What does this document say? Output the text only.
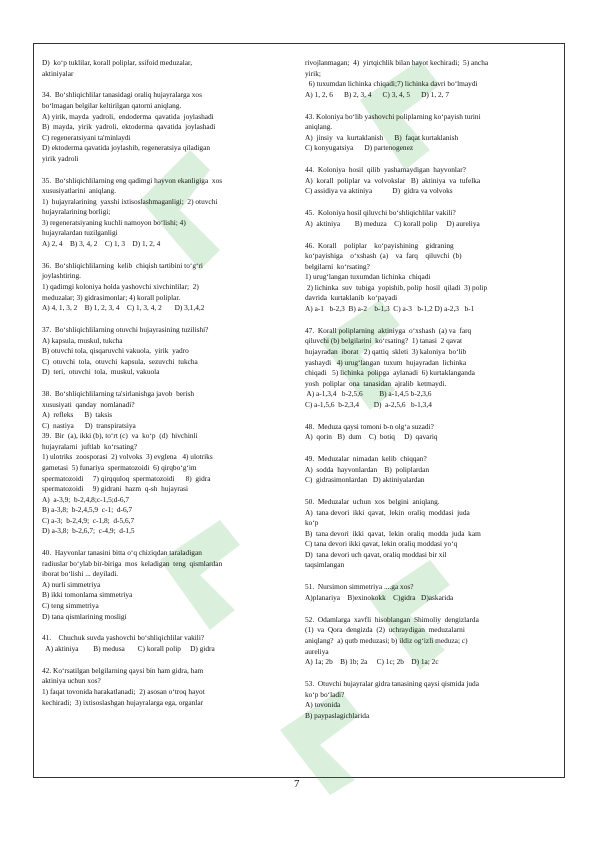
D)  ko‘p tuklilar, korall poliplar, ssifoid meduzalar,
aktiniyalar
34.  Bo‘shliqichlilar tanasidagi oraliq hujayralarga xos
bo‘lmagan belgilar keltirilgan qatorni aniqlang.
A) yirik, mayda  yadroli,  endoderma  qavatida  joylashadi
B)  mayda,  yirik  yadroli,  ektoderma  qavatida  joylashadi
C) regeneratsiyani ta'minlaydi
D) ektoderma qavatida joylashib, regeneratsiya qiladigan
yirik yadroli
35.  Bo‘shliqichlilarning eng qadimgi hayvon ekanligiga  xos
xususiyatlarini  aniqlang.
1)  hujayralarining  yaxshi ixtisoslashmaganligi;  2) otuvchi
hujayralarining borligi;
3) regeneratsiyaning kuchli namoyon bo‘lishi; 4)
hujayralardan tuzilganligi
A) 2, 4    B) 3, 4, 2    C) 1, 3    D) 1, 2, 4
36.  Bo‘shliqichlilarning  kelib  chiqish tartibini to‘g‘ri
joylashtiring.
1) qadimgi koloniya holda yashovchi xivchinlilar;  2)
meduzalar; 3) gidrasimonlar; 4) korall poliplar.
A) 4, 1, 3, 2    B) 1, 2, 3, 4    C) 1, 3, 4, 2       D) 3,1,4,2
37.  Bo‘shliqichlilarning otuvchi hujayrasining tuzilishi?
A) kapsula, muskul, tukcha
B) otuvchi tola, qisqaruvchi vakuola,  yirik  yadro
C)  otuvchi  tola,  otuvchi  kapsula,  sezuvchi  tukcha
D)  teri,  otuvchi  tola,  muskul, vakuola
38.  Bo‘shliqichlilarning ta'sirlanishga javob  berish
xususiyati  qanday  nomlanadi?
A)  refleks      B)  taksis
C)  nastiya      D)  transpiratsiya
39.  Bir  (a), ikki (b), to‘rt (c)  va  ko‘p  (d)  hivchinli
hujayralarni  juftlab  ko‘rsating?
1) ulotriks  zoosporasi  2) volvoks  3) evglena   4) ulotriks
gametasi  5) funariya  spermatozoidi  6) qirqbo‘g‘im
spermatozoidi     7) qirqquloq  spermatozoidi      8)  gidra
spermatozoidi     9) gidrani  hazm  q-sh  hujayrasi
A)  a-3,9;  b-2,4,8;c-1,5;d-6,7
B) a-3,8;  b-2,4,5,9  c-1;  d-6,7
C) a-3;  b-2,4,9;  c-1,8;  d-5,6,7
D) a-3,8;  b-2,6,7;  c-4,9;  d-1,5
40.  Hayvonlar tanasini bitta o‘q chiziqdan taraladigan
radiuslar bo‘ylab bir-biriga  mos  keladigan  teng  qismlardan
iborat bo‘lishi ... deyiladi.
A) nurli simmetriya
B) ikki tomonlama simmetriya
C) teng simmetriya
D) tana qismlarining mosligi
41.    Chuchuk suvda yashovchi bo‘shliqichlilar vakili?
A) aktiniya        B) medusa       C) korall polip     D) gidra
42. Ko‘rsatilgan belgilarning qaysi bin ham gidra, ham
aktiniya uchun xos?
1) faqat tovonida harakatlanadi;  2) asosan o‘troq hayot
kechiradi;  3) ixtisoslashgan hujayralarga ega, organlar
rivojlanmagan;  4)  yirtqichlik bilan hayot kechiradi;  5) ancha
yirik;
6) tuxumdan lichinka chiqadi;7) lichinka davri bo‘lmaydi
A) 1, 2, 6      B) 2, 3, 4      C) 3, 4, 5      D) 1, 2, 7
43. Koloniya bo‘lib yashovchi poliplarning ko‘payish turini
aniqlang.
A)  jinsiy  va  kurtaklanish      B)  faqat kurtaklanish
C) konyugatsiya      D) partenogenez
44.  Koloniya  hosil  qilib  yashamaydigan  hayvonlar?
A)  korall  poliplar  va  volvokslar   B)  aktiniya  va  tufelka
C) assidiya va aktiniya           D)  gidra va volvoks
45.  Koloniya hosil qiluvchi bo‘shliqichlilar vakili?
A)  aktiniya        B) meduza    C) korall polip     D) aureliya
46.  Korall    poliplar    ko‘payishining    gidraning
ko‘payishiga    o‘xshash  (a)    va  farq    qiluvchi  (b)
belgilarni  ko‘rsating?
1) urug‘langan tuxumdan lichinka  chiqadi
2) lichinka  suv  tubiga  yopishib, polip  hosil  qiladi  3) polip
davrida  kurtaklanib  ko‘payadi
A) a-1   b-2,3  B) a-2    b-1,3  C) a-3   b-1,2 D) a-2,3   b-1
47.  Korall poliplarning  aktiniyga  o‘xshash  (a) va  farq
qiluvchi (b) belgilarini  ko‘rsating?  1) tanasi  2 qavat
hujayradan  iborat   2) qattiq  skleti  3) kaloniya  bo‘lib
yashaydi   4) urug‘langan  tuxum  hujayradan  lichinka
chiqadi   5) lichinka  polipga  aylanadi  6) kurtaklanganda
yosh  poliplar  ona  tanasidan  ajralib  ketmaydi.
A) a-1,3,4   b-2,5,6         B) a-1,4,5 b-2,3,6
C) a-1,5,6  b-2,3,4        D)  a-2,5,6   b-1,3,4
48.  Meduza qaysi tomoni b-n olg‘a suzadi?
A)  qorin   B)  dum    C)  botiq     D)  qavariq
49.  Meduzalar  nimadan  kelib  chiqqan?
A)  sodda  hayvonlardan    B)  poliplardan
C)  gidrasimonlardan   D) aktiniyalardan
50.  Meduzalar  uchun  xos  belgini  aniqlang.
A)  tana devori  ikki  qavat,  lekin  oraliq  moddasi  juda
ko‘p
B)  tana devori  ikki  qavat,  lekin  oraliq  modda  juda  kam
C) tana devori ikki qavat, lekin oraliq moddasi yo‘q
D)  tana devori uch qavat, oraliq moddasi bir xil
taqsimlangan
51.  Nursimon simmetriya ....ga xos?
A)planariya    B)exinokokk    C)gidra   D)askarida
52.  Odamlarga  xavfli  hisoblangan  Shimoliy  dengizlarda
(1)  va  Qora  dengizda  (2)  uchraydigan  meduzalarni
aniqlang?  a) qutb meduzasi; b) ildiz og‘izli meduza; c)
aureliya
A) 1a; 2b    B) 1b; 2a     C) 1c; 2b    D) 1a; 2c
53.  Otuvchi hujayralar gidra tanasining qaysi qismida juda
ko‘p bo‘ladi?
A) tovonida
B) paypaslagichlarida
7
